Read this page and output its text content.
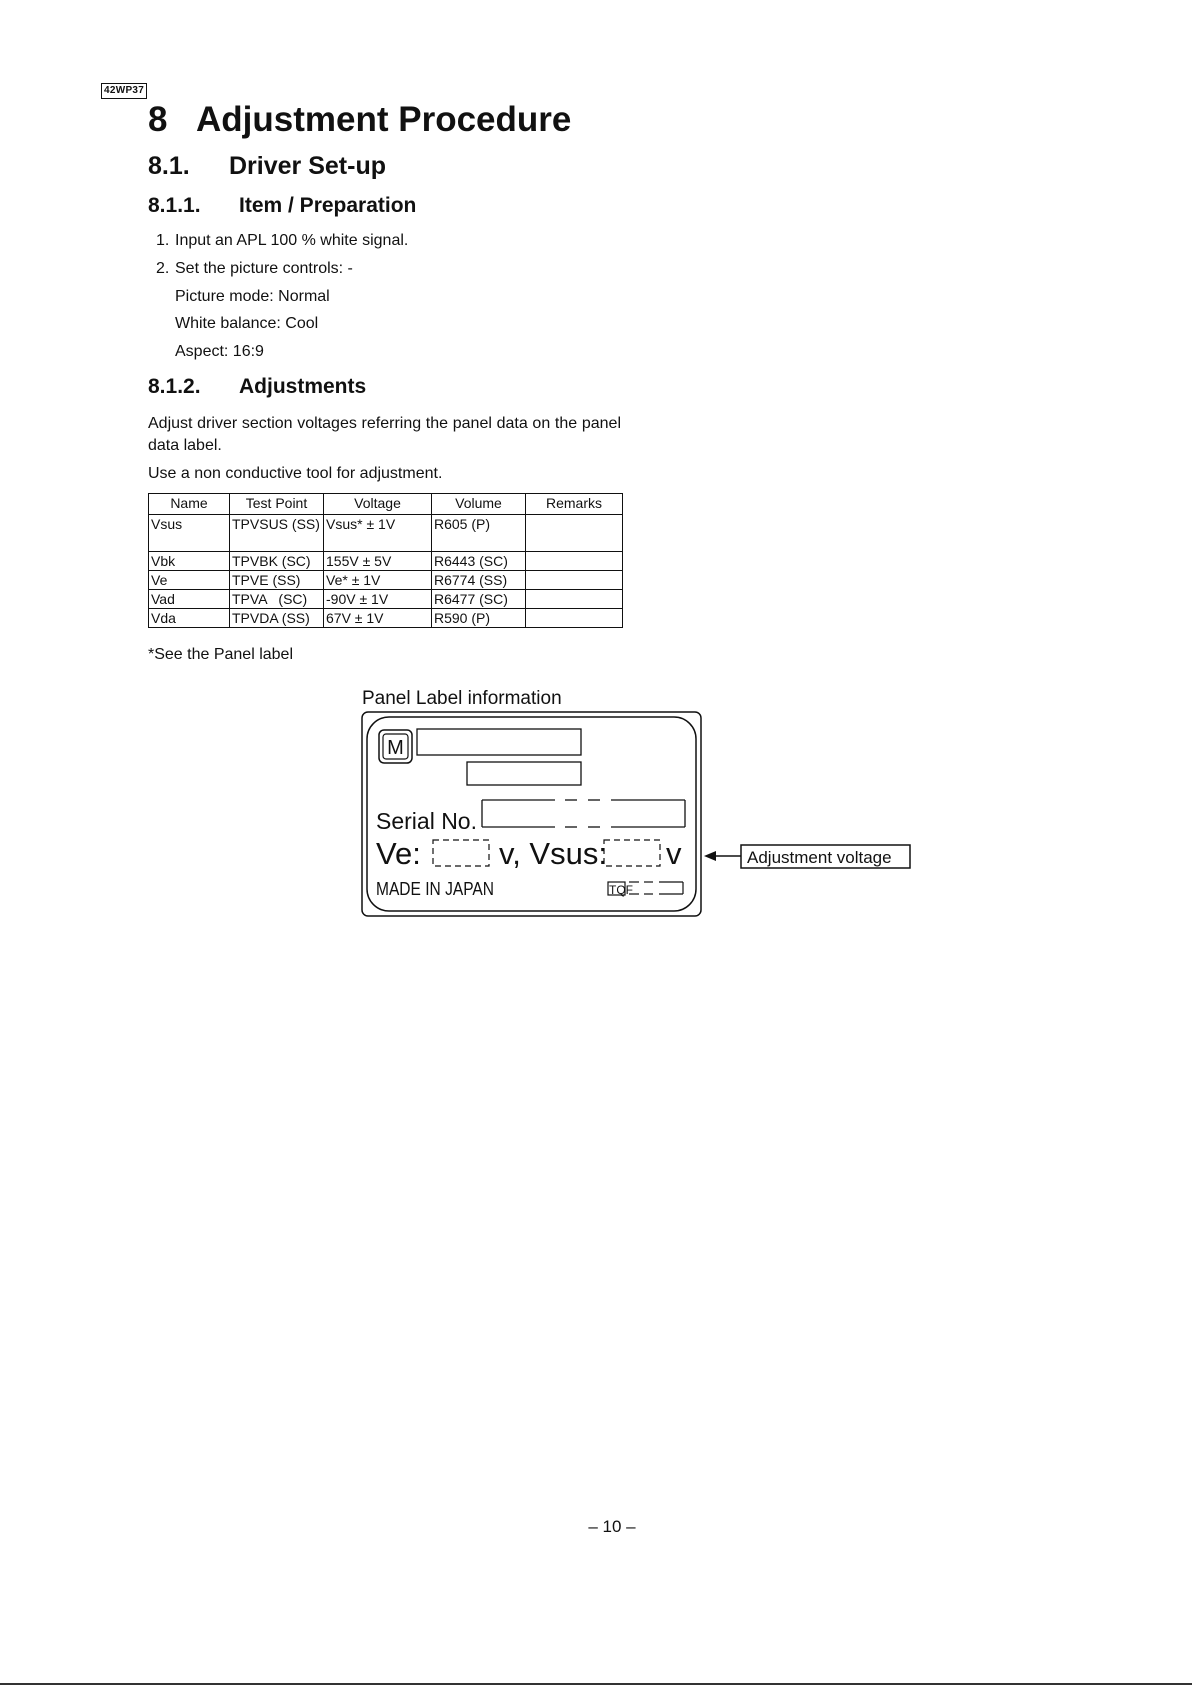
42WP37
8 Adjustment Procedure
8.1. Driver Set-up
8.1.1. Item / Preparation
1. Input an APL 100 % white signal.
2. Set the picture controls: -
Picture mode: Normal
White balance: Cool
Aspect: 16:9
8.1.2. Adjustments
Adjust driver section voltages referring the panel data on the panel data label.
Use a non conductive tool for adjustment.
Name	Test Point	Voltage	Volume	Remarks
Vsus	TPVSUS (SS)	Vsus* ± 1V	R605 (P)	
Vbk	TPVBK (SC)	155V ± 5V	R6443 (SC)	
Ve	TPVE (SS)	Ve* ± 1V	R6774 (SS)	
Vad	TPVA   (SC)	-90V ± 1V	R6477 (SC)	
Vda	TPVDA (SS)	67V ± 1V	R590 (P)	
*See the Panel label
Panel Label information
M
Serial No.
Ve:	v, Vsus: v
MADE IN JAPAN	TQF
Adjustment voltage
– 10 –
